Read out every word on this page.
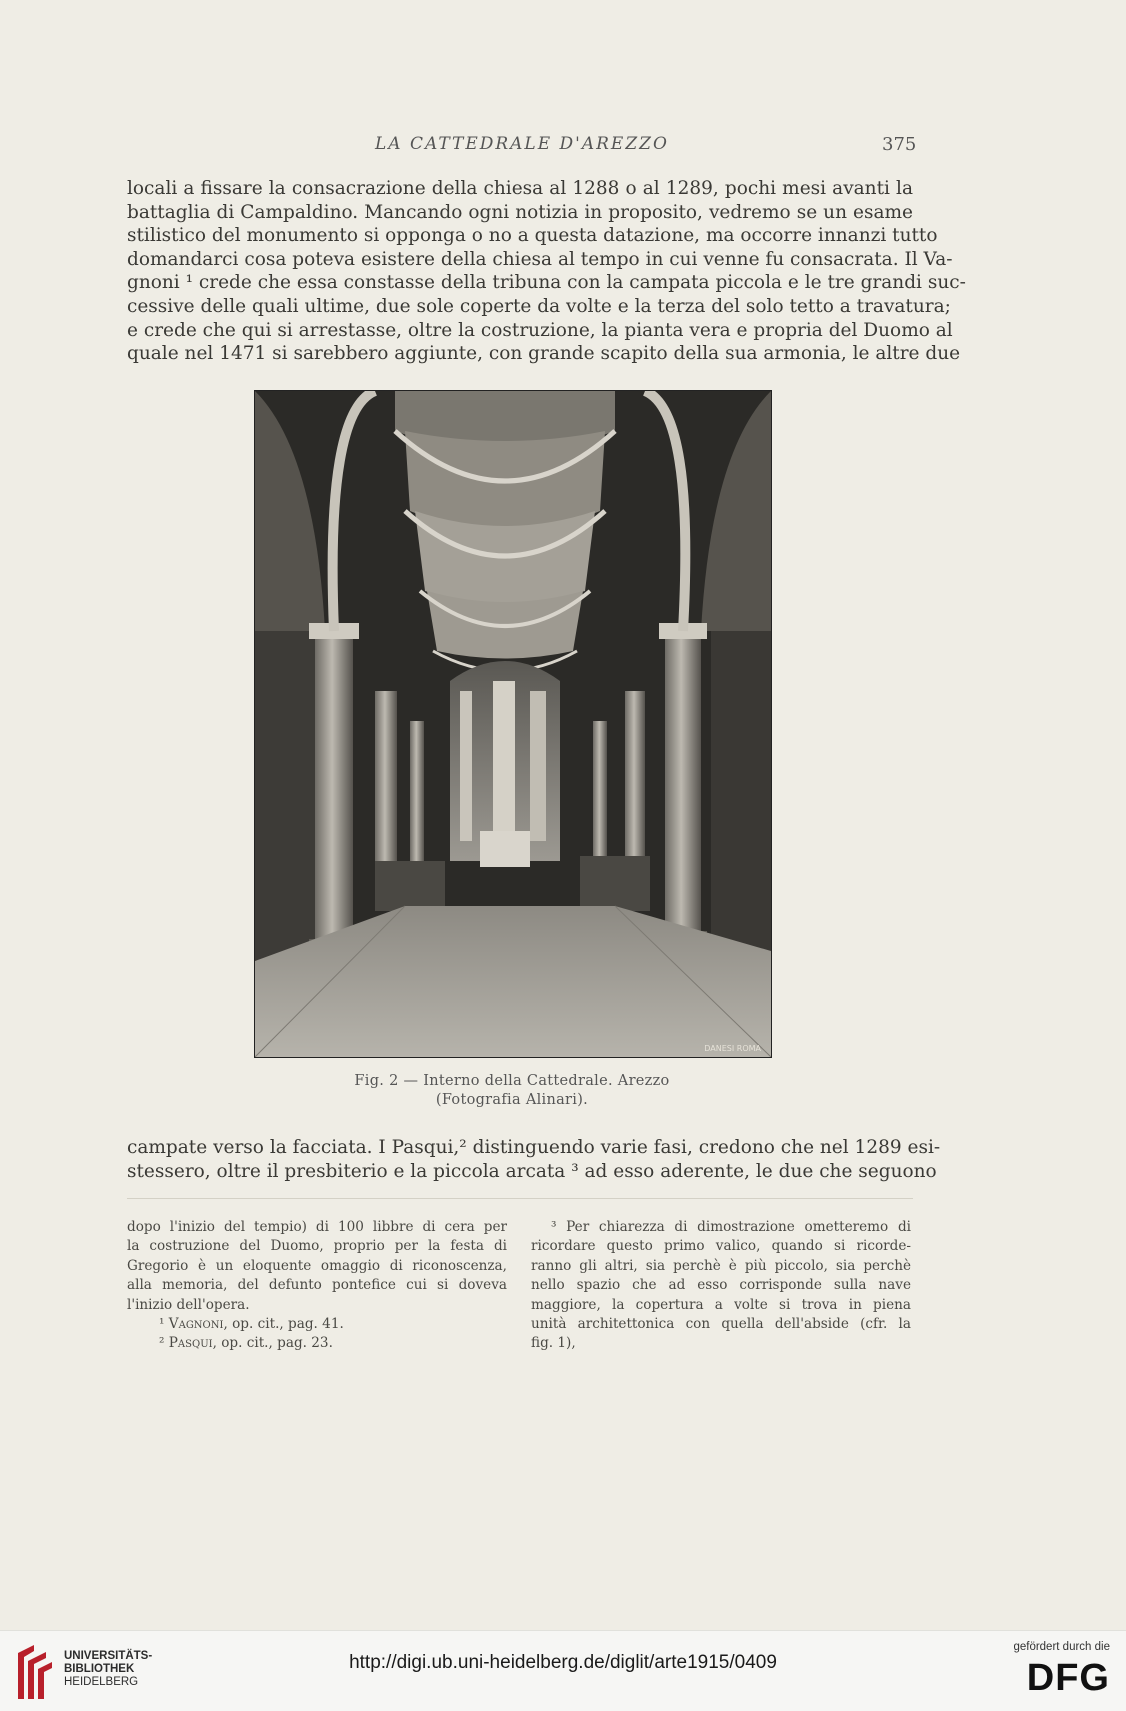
LA CATTEDRALE D'AREZZO	375
locali a fissare la consacrazione della chiesa al 1288 o al 1289, pochi mesi avanti la
battaglia di Campaldino. Mancando ogni notizia in proposito, vedremo se un esame
stilistico del monumento si opponga o no a questa datazione, ma occorre innanzi tutto
domandarci cosa poteva esistere della chiesa al tempo in cui venne fu consacrata. Il Va-
gnoni ¹ crede che essa constasse della tribuna con la campata piccola e le tre grandi suc-
cessive delle quali ultime, due sole coperte da volte e la terza del solo tetto a travatura;
e crede che qui si arrestasse, oltre la costruzione, la pianta vera e propria del Duomo al
quale nel 1471 si sarebbero aggiunte, con grande scapito della sua armonia, le altre due
DANESI ROMA
Fig. 2 — Interno della Cattedrale. Arezzo
(Fotografia Alinari).
campate verso la facciata. I Pasqui,² distinguendo varie fasi, credono che nel 1289 esi-
stessero, oltre il presbiterio e la piccola arcata ³ ad esso aderente, le due che seguono
dopo l'inizio del tempio) di 100 libbre di cera per
la costruzione del Duomo, proprio per la festa di
Gregorio è un eloquente omaggio di riconoscenza,
alla memoria, del defunto pontefice cui si doveva
l'inizio dell'opera.
¹ Vagnoni, op. cit., pag. 41.
² Pasqui, op. cit., pag. 23.
³ Per chiarezza di dimostrazione ometteremo di
ricordare questo primo valico, quando si ricorde-
ranno gli altri, sia perchè è più piccolo, sia perchè
nello spazio che ad esso corrisponde sulla nave
maggiore, la copertura a volte si trova in piena
unità architettonica con quella dell'abside (cfr. la
fig. 1),
UNIVERSITÄTS-
BIBLIOTHEK
HEIDELBERG
http://digi.ub.uni-heidelberg.de/diglit/arte1915/0409
gefördert durch die
DFG
